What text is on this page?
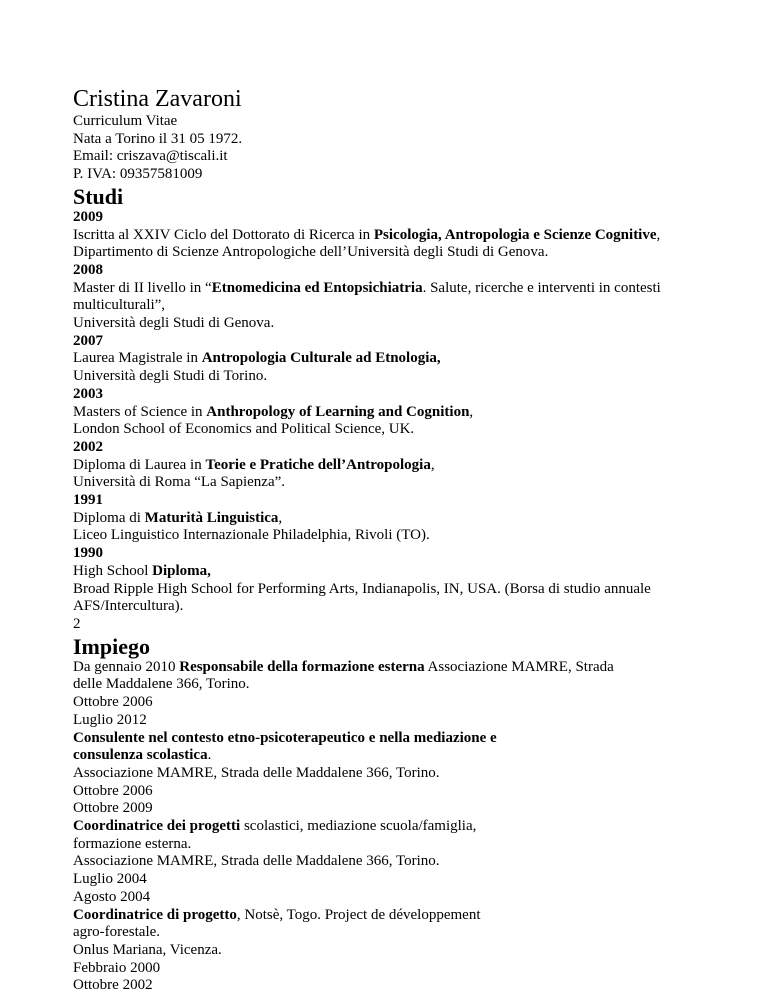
Cristina Zavaroni

Curriculum Vitae

Nata a Torino il 31 05 1972.

Email: criszava@tiscali.it

P. IVA: 09357581009

Studi

2009

Iscritta al XXIV Ciclo del Dottorato di Ricerca in Psicologia, Antropologia e Scienze Cognitive,

Dipartimento di Scienze Antropologiche dell’Università degli Studi di Genova.

2008

Master di II livello in “Etnomedicina ed Entopsichiatria. Salute, ricerche e interventi in contesti

multiculturali”,

Università degli Studi di Genova.

2007

Laurea Magistrale in Antropologia Culturale ad Etnologia,

Università degli Studi di Torino.

2003

Masters of Science in Anthropology of Learning and Cognition,

London School of Economics and Political Science, UK.

2002

Diploma di Laurea in Teorie e Pratiche dell’Antropologia,

Università di Roma “La Sapienza”.

1991

Diploma di Maturità Linguistica,

Liceo Linguistico Internazionale Philadelphia, Rivoli (TO).

1990

High School Diploma,

Broad Ripple High School for Performing Arts, Indianapolis, IN, USA. (Borsa di studio annuale

AFS/Intercultura).

2

Impiego

Da gennaio 2010 Responsabile della formazione esterna Associazione MAMRE, Strada

delle Maddalene 366, Torino.

Ottobre 2006

Luglio 2012

Consulente nel contesto etno-psicoterapeutico e nella mediazione e

consulenza scolastica.

Associazione MAMRE, Strada delle Maddalene 366, Torino.

Ottobre 2006

Ottobre 2009

Coordinatrice dei progetti scolastici, mediazione scuola/famiglia,

formazione esterna.

Associazione MAMRE, Strada delle Maddalene 366, Torino.

Luglio 2004

Agosto 2004

Coordinatrice di progetto, Notsè, Togo. Project de développement

agro-forestale.

Onlus Mariana, Vicenza.

Febbraio 2000

Ottobre 2002
